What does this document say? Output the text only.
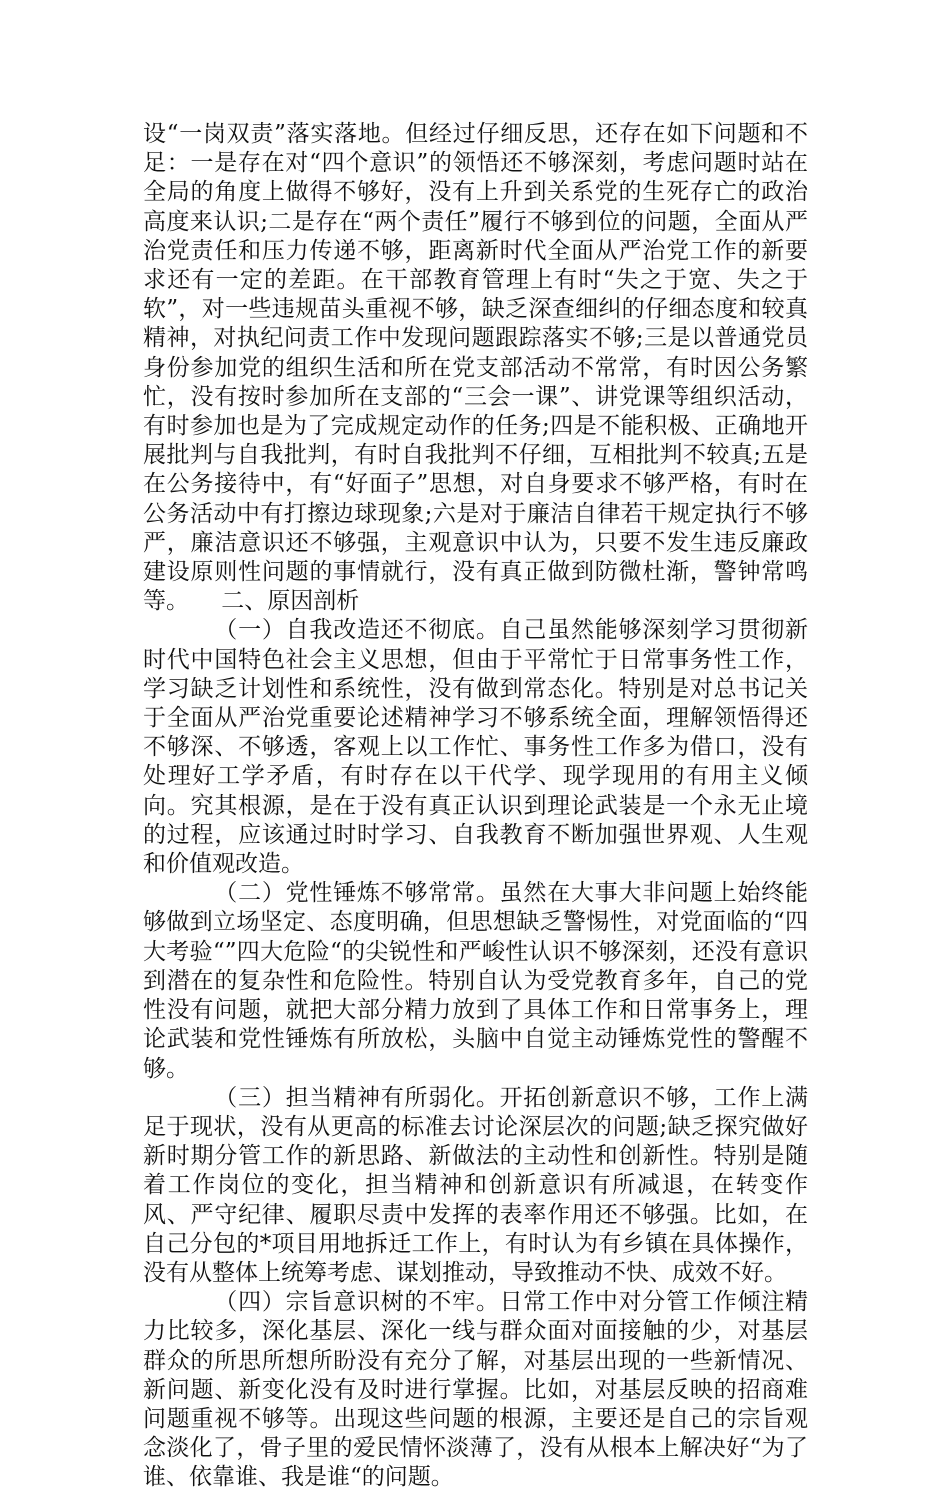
设“一岗双责”落实落地。但经过仔细反思，还存在如下问题和不足：一是存在对“四个意识”的领悟还不够深刻，考虑问题时站在全局的角度上做得不够好，没有上升到关系党的生死存亡的政治高度来认识;二是存在“两个责任”履行不够到位的问题，全面从严治党责任和压力传递不够，距离新时代全面从严治党工作的新要求还有一定的差距。在干部教育管理上有时“失之于宽、失之于软”，对一些违规苗头重视不够，缺乏深查细纠的仔细态度和较真精神，对执纪问责工作中发现问题跟踪落实不够;三是以普通党员身份参加党的组织生活和所在党支部活动不常常，有时因公务繁忙，没有按时参加所在支部的“三会一课”、讲党课等组织活动，有时参加也是为了完成规定动作的任务;四是不能积极、正确地开展批判与自我批判，有时自我批判不仔细，互相批判不较真;五是在公务接待中，有“好面子”思想，对自身要求不够严格，有时在公务活动中有打擦边球现象;六是对于廉洁自律若干规定执行不够严，廉洁意识还不够强，主观意识中认为，只要不发生违反廉政建设原则性问题的事情就行，没有真正做到防微杜渐，警钟常鸣等。 二、原因剖析

（一）自我改造还不彻底。自己虽然能够深刻学习贯彻新时代中国特色社会主义思想，但由于平常忙于日常事务性工作，学习缺乏计划性和系统性，没有做到常态化。特别是对总书记关于全面从严治党重要论述精神学习不够系统全面，理解领悟得还不够深、不够透，客观上以工作忙、事务性工作多为借口，没有处理好工学矛盾，有时存在以干代学、现学现用的有用主义倾向。究其根源，是在于没有真正认识到理论武装是一个永无止境的过程，应该通过时时学习、自我教育不断加强世界观、人生观和价值观改造。

（二）党性锤炼不够常常。虽然在大事大非问题上始终能够做到立场坚定、态度明确，但思想缺乏警惕性，对党面临的“四大考验“”四大危险“的尖锐性和严峻性认识不够深刻，还没有意识到潜在的复杂性和危险性。特别自认为受党教育多年，自己的党性没有问题，就把大部分精力放到了具体工作和日常事务上，理论武装和党性锤炼有所放松，头脑中自觉主动锤炼党性的警醒不够。

（三）担当精神有所弱化。开拓创新意识不够，工作上满足于现状，没有从更高的标准去讨论深层次的问题;缺乏探究做好新时期分管工作的新思路、新做法的主动性和创新性。特别是随着工作岗位的变化，担当精神和创新意识有所减退，在转变作风、严守纪律、履职尽责中发挥的表率作用还不够强。比如，在自己分包的*项目用地拆迁工作上，有时认为有乡镇在具体操作，没有从整体上统筹考虑、谋划推动，导致推动不快、成效不好。

（四）宗旨意识树的不牢。日常工作中对分管工作倾注精力比较多，深化基层、深化一线与群众面对面接触的少，对基层群众的所思所想所盼没有充分了解，对基层出现的一些新情况、新问题、新变化没有及时进行掌握。比如，对基层反映的招商难问题重视不够等。出现这些问题的根源，主要还是自己的宗旨观念淡化了，骨子里的爱民情怀淡薄了，没有从根本上解决好“为了谁、依靠谁、我是谁“的问题。
